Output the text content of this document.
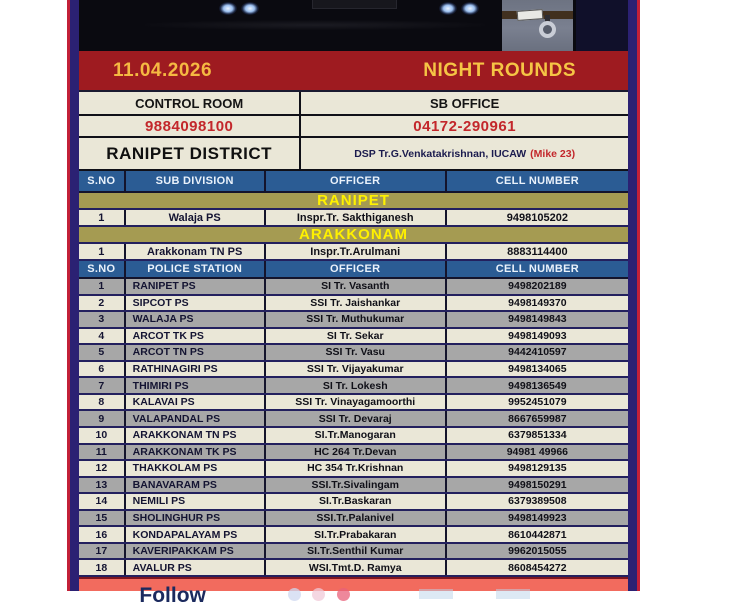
11.04.2026	NIGHT ROUNDS
CONTROL ROOM	SB OFFICE
9884098100	04172-290961
RANIPET DISTRICT	DSP Tr.G.Venkatakrishnan, IUCAW (Mike 23)
S.NO	SUB DIVISION	OFFICER	CELL NUMBER
RANIPET
1	Walaja PS	Inspr.Tr. Sakthiganesh	9498105202
ARAKKONAM
1	Arakkonam TN PS	Inspr.Tr.Arulmani	8883114400
S.NO	POLICE STATION	OFFICER	CELL NUMBER
1	RANIPET PS	SI Tr. Vasanth	9498202189
2	SIPCOT PS	SSI Tr. Jaishankar	9498149370
3	WALAJA PS	SSI Tr. Muthukumar	9498149843
4	ARCOT TK PS	SI Tr. Sekar	9498149093
5	ARCOT TN PS	SSI Tr. Vasu	9442410597
6	RATHINAGIRI PS	SSI Tr. Vijayakumar	9498134065
7	THIMIRI PS	SI Tr. Lokesh	9498136549
8	KALAVAI PS	SSI Tr. Vinayagamoorthi	9952451079
9	VALAPANDAL PS	SSI Tr. Devaraj	8667659987
10	ARAKKONAM TN PS	SI.Tr.Manogaran	6379851334
11	ARAKKONAM TK PS	HC 264 Tr.Devan	94981 49966
12	THAKKOLAM PS	HC 354 Tr.Krishnan	9498129135
13	BANAVARAM PS	SSI.Tr.Sivalingam	9498150291
14	NEMILI PS	SI.Tr.Baskaran	6379389508
15	SHOLINGHUR PS	SSI.Tr.Palanivel	9498149923
16	KONDAPALAYAM PS	SI.Tr.Prabakaran	8610442871
17	KAVERIPAKKAM PS	SI.Tr.Senthil Kumar	9962015055
18	AVALUR PS	WSI.Tmt.D. Ramya	8608454272
Follow
